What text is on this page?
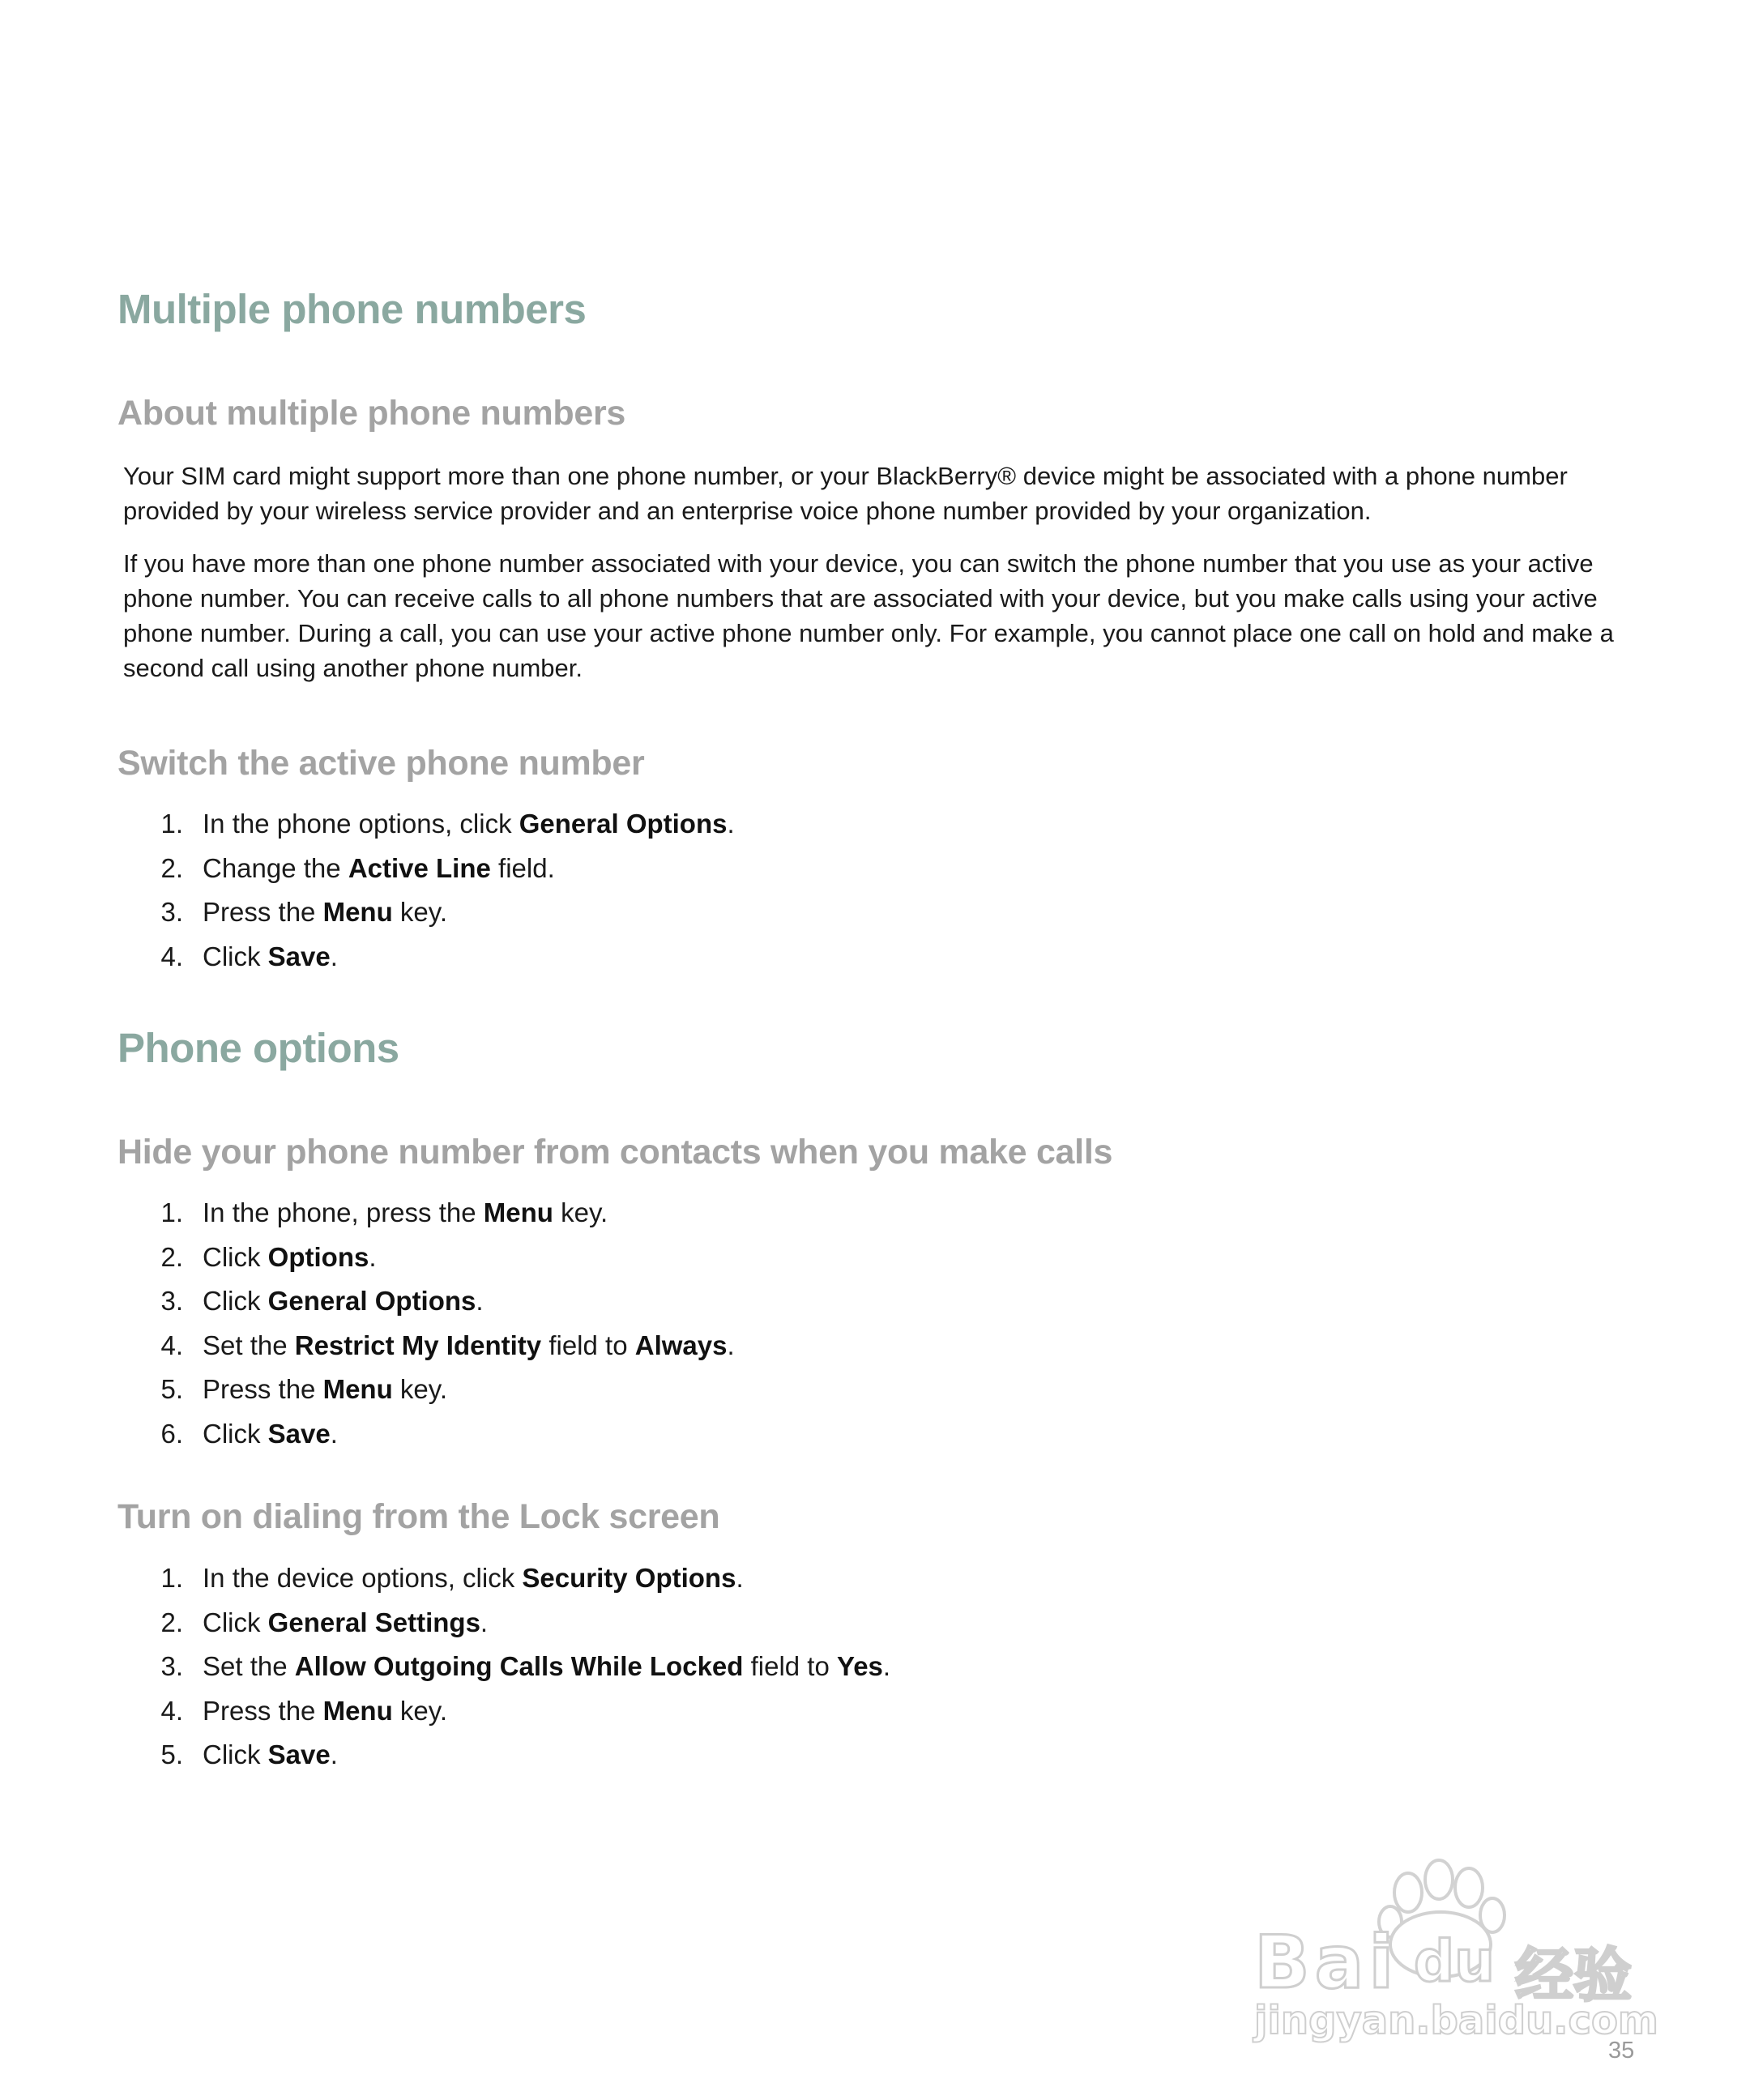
Multiple phone numbers
About multiple phone numbers

Your SIM card might support more than one phone number, or your BlackBerry® device might be associated with a phone number provided by your wireless service provider and an enterprise voice phone number provided by your organization.

If you have more than one phone number associated with your device, you can switch the phone number that you use as your active phone number. You can receive calls to all phone numbers that are associated with your device, but you make calls using your active phone number. During a call, you can use your active phone number only. For example, you cannot place one call on hold and make a second call using another phone number.

Switch the active phone number
1. In the phone options, click General Options.
2. Change the Active Line field.
3. Press the Menu key.
4. Click Save.
Phone options
Hide your phone number from contacts when you make calls
1. In the phone, press the Menu key.
2. Click Options.
3. Click General Options.
4. Set the Restrict My Identity field to Always.
5. Press the Menu key.
6. Click Save.
Turn on dialing from the Lock screen
1. In the device options, click Security Options.
2. Click General Settings.
3. Set the Allow Outgoing Calls While Locked field to Yes.
4. Press the Menu key.
5. Click Save.
Bai du 经验
jingyan.baidu.com
35
